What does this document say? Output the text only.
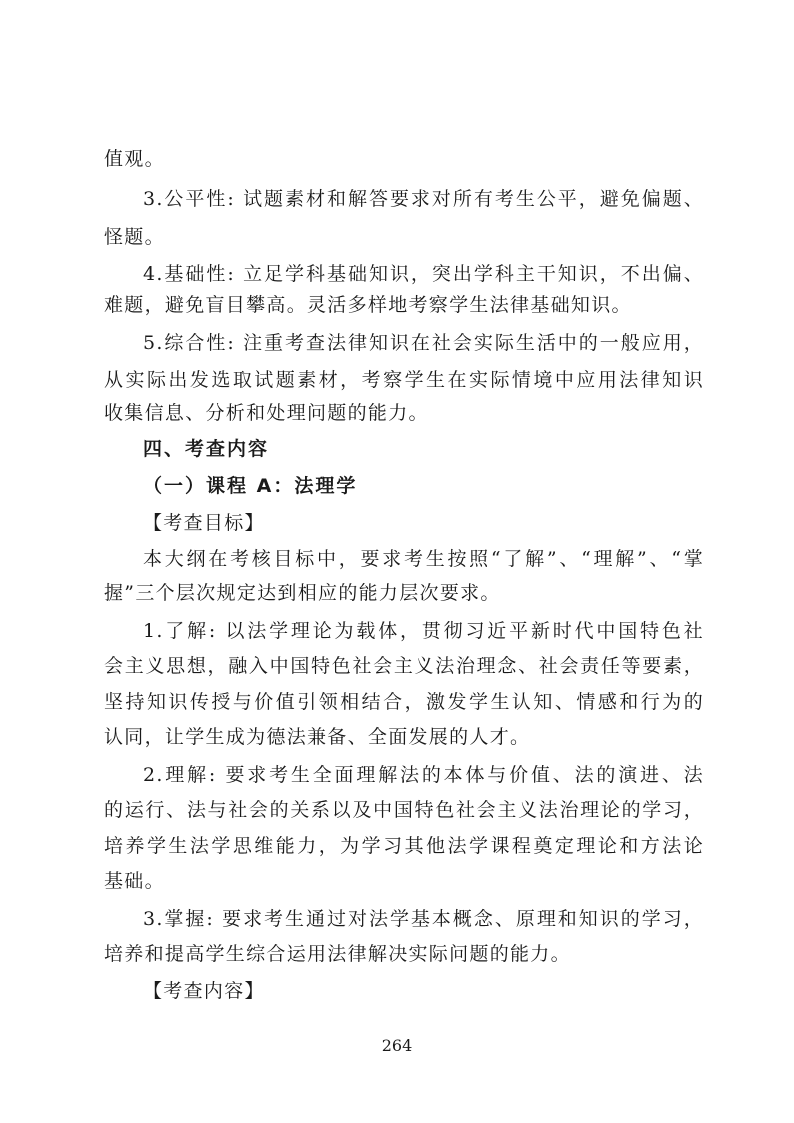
值观。
3.公平性: 试题素材和解答要求对所有考生公平，避免偏题、
怪题。
4.基础性: 立足学科基础知识，突出学科主干知识，不出偏、
难题，避免盲目攀高。灵活多样地考察学生法律基础知识。
5.综合性: 注重考查法律知识在社会实际生活中的一般应用，
从实际出发选取试题素材，考察学生在实际情境中应用法律知识
收集信息、分析和处理问题的能力。
四、考查内容
（一）课程 A：法理学
【考查目标】
本大纲在考核目标中，要求考生按照“了解”、“理解”、“掌
握”三个层次规定达到相应的能力层次要求。
1.了解: 以法学理论为载体，贯彻习近平新时代中国特色社
会主义思想，融入中国特色社会主义法治理念、社会责任等要素，
坚持知识传授与价值引领相结合，激发学生认知、情感和行为的
认同，让学生成为德法兼备、全面发展的人才。
2.理解: 要求考生全面理解法的本体与价值、法的演进、法
的运行、法与社会的关系以及中国特色社会主义法治理论的学习，
培养学生法学思维能力，为学习其他法学课程奠定理论和方法论
基础。
3.掌握: 要求考生通过对法学基本概念、原理和知识的学习，
培养和提高学生综合运用法律解决实际问题的能力。
【考查内容】
264
